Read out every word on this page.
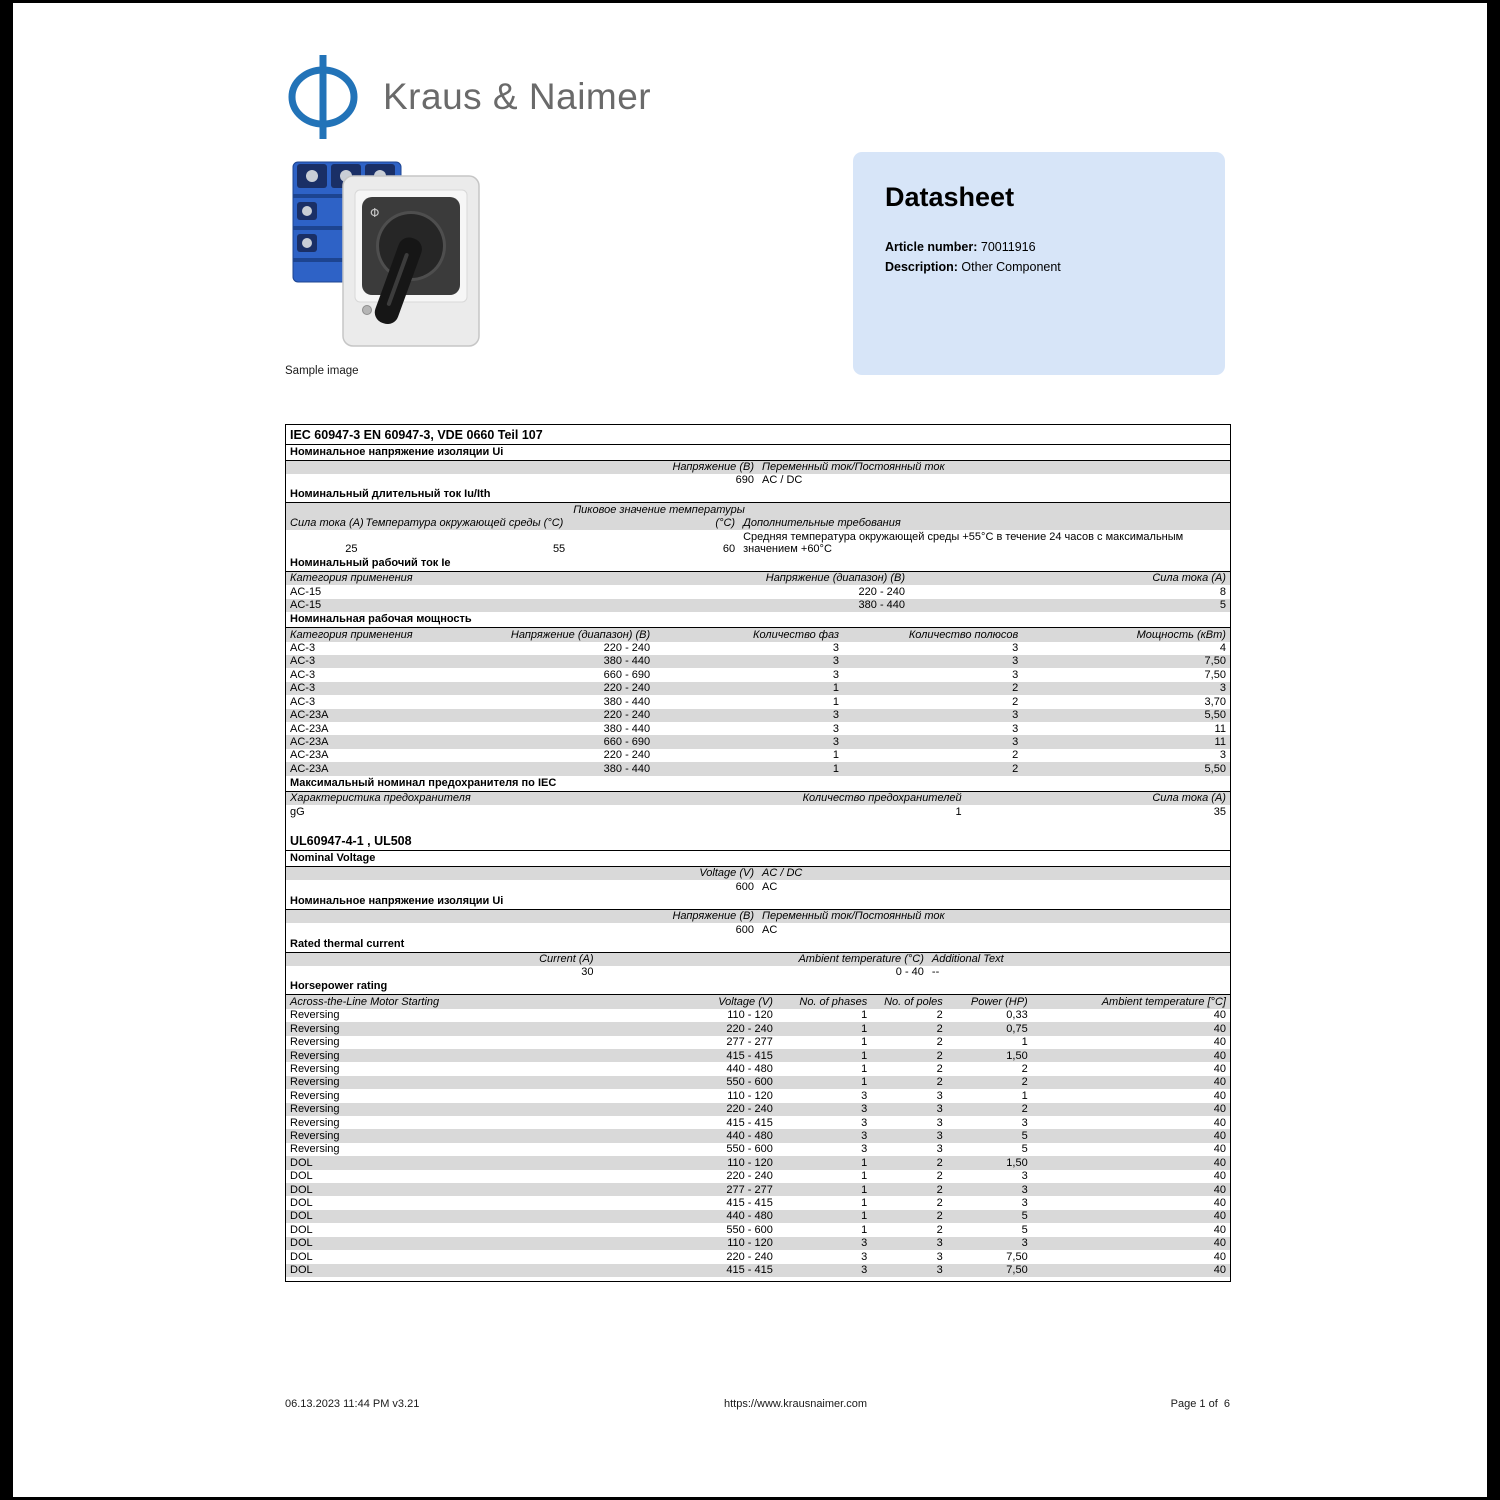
Kraus & Naimer
Φ
Sample image
Datasheet

Article number: 70011916

Description: Other Component

IEC 60947-3 EN 60947-3, VDE 0660 Teil 107
Номинальное напряжение изоляции Ui
Напряжение (В) Переменный ток/Постоянный ток
690 AC / DC
Номинальный длительный ток Iu/Ith
Пиковое значение температуры
Сила тока (A) Температура окружающей среды (°C)	(°C) Дополнительные требования
25	55	60
Средняя температура окружающей среды +55°C в течение 24 часов с максимальным значением +60°C
Номинальный рабочий ток Ie
Категория применения	Напряжение (диапазон) (В)	Сила тока (A)
AC-15	220 - 240	8
AC-15	380 - 440	5
Номинальная рабочая мощность
Категория применения	Напряжение (диапазон) (В)	Количество фаз	Количество полюсов	Мощность (кВт)
AC-3	220 - 240	3	3	4
AC-3	380 - 440	3	3	7,50
AC-3	660 - 690	3	3	7,50
AC-3	220 - 240	1	2	3
AC-3	380 - 440	1	2	3,70
AC-23A	220 - 240	3	3	5,50
AC-23A	380 - 440	3	3	11
AC-23A	660 - 690	3	3	11
AC-23A	220 - 240	1	2	3
AC-23A	380 - 440	1	2	5,50
Максимальный номинал предохранителя по IEC
Характеристика предохранителя	Количество предохранителей	Сила тока (A)
gG	1	35
UL60947-4-1 , UL508
Nominal Voltage
Voltage (V) AC / DC
600 AC
Номинальное напряжение изоляции Ui
Напряжение (В) Переменный ток/Постоянный ток
600 AC
Rated thermal current
Current (A)	Ambient temperature (°C) Additional Text
30	0 - 40 --
Horsepower rating
Across-the-Line Motor Starting	Voltage (V)	No. of phases	No. of poles	Power (HP)	Ambient temperature [°C]
Reversing	110 - 120	1	2	0,33	40
Reversing	220 - 240	1	2	0,75	40
Reversing	277 - 277	1	2	1	40
Reversing	415 - 415	1	2	1,50	40
Reversing	440 - 480	1	2	2	40
Reversing	550 - 600	1	2	2	40
Reversing	110 - 120	3	3	1	40
Reversing	220 - 240	3	3	2	40
Reversing	415 - 415	3	3	3	40
Reversing	440 - 480	3	3	5	40
Reversing	550 - 600	3	3	5	40
DOL	110 - 120	1	2	1,50	40
DOL	220 - 240	1	2	3	40
DOL	277 - 277	1	2	3	40
DOL	415 - 415	1	2	3	40
DOL	440 - 480	1	2	5	40
DOL	550 - 600	1	2	5	40
DOL	110 - 120	3	3	3	40
DOL	220 - 240	3	3	7,50	40
DOL	415 - 415	3	3	7,50	40
06.13.2023 11:44 PM v3.21	https://www.krausnaimer.com	Page 1 of  6
